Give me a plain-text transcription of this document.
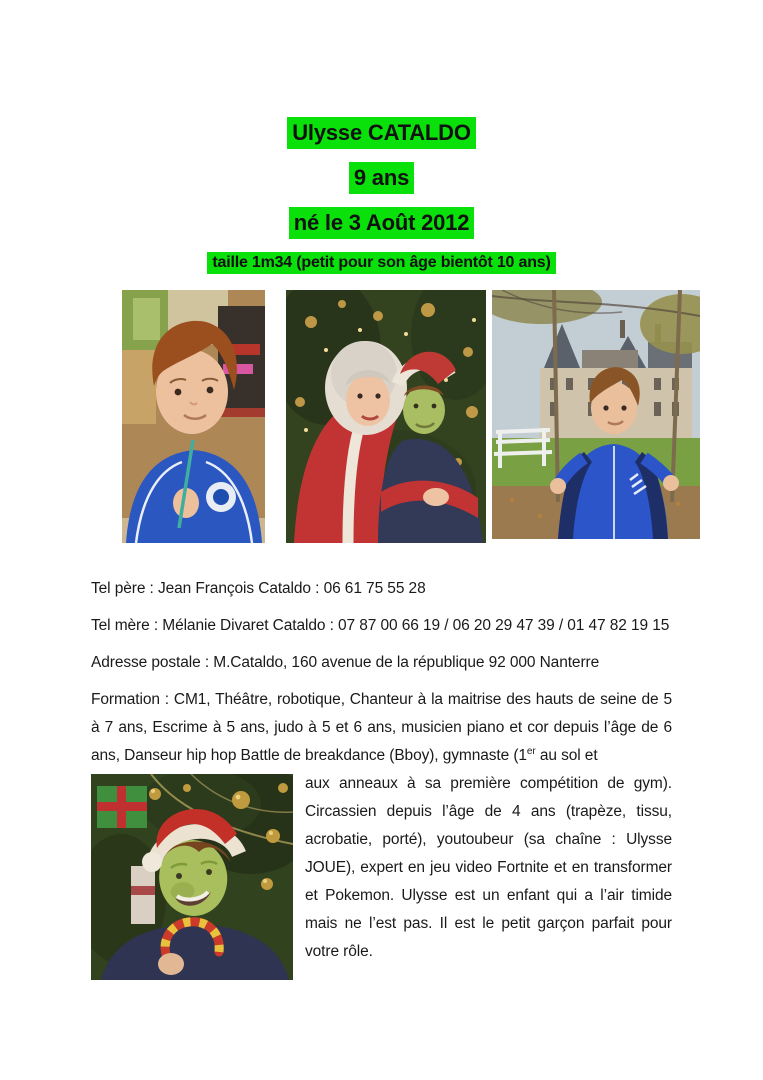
Ulysse CATALDO
9 ans
né le 3 Août 2012
taille 1m34 (petit pour son âge bientôt 10 ans)

Tel père : Jean François Cataldo : 06 61 75 55 28

Tel mère : Mélanie Divaret Cataldo : 07 87 00 66 19 / 06 20 29 47 39 / 01 47 82 19 15

Adresse postale : M.Cataldo, 160 avenue de la république 92 000 Nanterre

Formation : CM1, Théâtre, robotique, Chanteur à la maitrise des hauts de seine de 5 à 7 ans, Escrime à 5 ans, judo à 5 et 6 ans, musicien piano et cor depuis l’âge de 6 ans, Danseur hip hop Battle de breakdance (Bboy), gymnaste (1er au sol et

aux anneaux à sa première compétition de gym). Circassien depuis l’âge de 4 ans (trapèze, tissu, acrobatie, porté), youtoubeur (sa chaîne : Ulysse JOUE), expert en jeu video Fortnite et en transformer et Pokemon. Ulysse est un enfant qui a l’air timide mais ne l’est pas. Il est le petit garçon parfait pour votre rôle.
